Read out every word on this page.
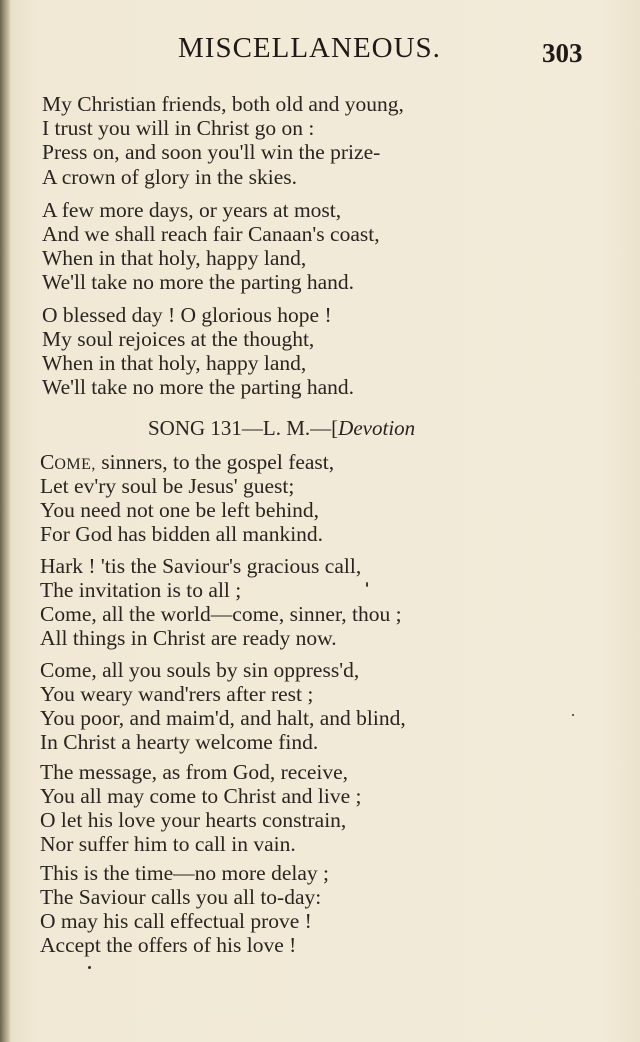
MISCELLANEOUS.	303
My Christian friends, both old and young,
I trust you will in Christ go on :
Press on, and soon you'll win the prize-
A crown of glory in the skies.
A few more days, or years at most,
And we shall reach fair Canaan's coast,
When in that holy, happy land,
We'll take no more the parting hand.
O blessed day ! O glorious hope !
My soul rejoices at the thought,
When in that holy, happy land,
We'll take no more the parting hand.
SONG 131—L. M.—[Devotion
COME, sinners, to the gospel feast,
Let ev'ry soul be Jesus' guest;
You need not one be left behind,
For God has bidden all mankind.
Hark ! 'tis the Saviour's gracious call,
The invitation is to all ;
Come, all the world—come, sinner, thou ;
All things in Christ are ready now.
Come, all you souls by sin oppress'd,
You weary wand'rers after rest ;
You poor, and maim'd, and halt, and blind,
In Christ a hearty welcome find.
The message, as from God, receive,
You all may come to Christ and live ;
O let his love your hearts constrain,
Nor suffer him to call in vain.
This is the time—no more delay ;
The Saviour calls you all to-day:
O may his call effectual prove !
Accept the offers of his love !
